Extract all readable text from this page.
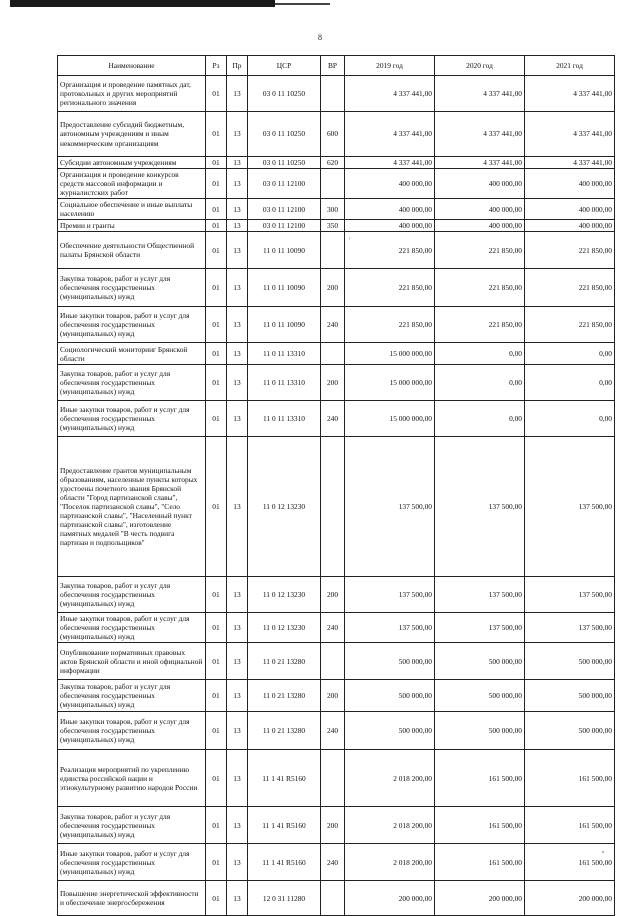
8
'
Наименование	Рз	Пр	ЦСР	ВР	2019 год	2020 год	2021 год
Организация и проведение памятных дат, протокольных и других мероприятий регионального значения	01	13	03 0 11 10250		4 337 441,00	4 337 441,00	4 337 441,00
Предоставление субсидий бюджетным, автономным учреждениям и иным некоммерческим организациям	01	13	03 0 11 10250	600	4 337 441,00	4 337 441,00	4 337 441,00
Субсидии автономным учреждениям	01	13	03 0 11 10250	620	4 337 441,00	4 337 441,00	4 337 441,00
Организация и проведение конкурсов средств массовой информации и журналистских работ	01	13	03 0 11 12100		400 000,00	400 000,00	400 000,00
Социальное обеспечение и иные выплаты населению	01	13	03 0 11 12100	300	400 000,00	400 000,00	400 000,00
Премии и гранты	01	13	03 0 11 12100	350	400 000,00	400 000,00	400 000,00
Обеспечение деятельности Общественной палаты Брянской области	01	13	11 0 11 10090		221 850,00	221 850,00	221 850,00
Закупка товаров, работ и услуг для обеспечения государственных (муниципальных) нужд	01	13	11 0 11 10090	200	221 850,00	221 850,00	221 850,00
Иные закупки товаров, работ и услуг для обеспечения государственных (муниципальных) нужд	01	13	11 0 11 10090	240	221 850,00	221 850,00	221 850,00
Социологический мониторинг Брянской области	01	13	11 0 11 13310		15 000 000,00	0,00	0,00
Закупка товаров, работ и услуг для обеспечения государственных (муниципальных) нужд	01	13	11 0 11 13310	200	15 000 000,00	0,00	0,00
Иные закупки товаров, работ и услуг для обеспечения государственных (муниципальных) нужд	01	13	11 0 11 13310	240	15 000 000,00	0,00	0,00
Предоставление грантов муниципальным образованиям, населенные пункты которых удостоены почетного звания Брянской области "Город партизанской славы", "Поселок партизанской славы", "Село партизанской славы", "Населенный пункт партизанской славы", изготовление памятных медалей "В честь подвига партизан и подпольщиков"	01	13	11 0 12 13230		137 500,00	137 500,00	137 500,00
Закупка товаров, работ и услуг для обеспечения государственных (муниципальных) нужд	01	13	11 0 12 13230	200	137 500,00	137 500,00	137 500,00
Иные закупки товаров, работ и услуг для обеспечения государственных (муниципальных) нужд	01	13	11 0 12 13230	240	137 500,00	137 500,00	137 500,00
Опубликование нормативных правовых актов Брянской области и иной официальной информации	01	13	11 0 21 13280		500 000,00	500 000,00	500 000,00
Закупка товаров, работ и услуг для обеспечения государственных (муниципальных) нужд	01	13	11 0 21 13280	200	500 000,00	500 000,00	500 000,00
Иные закупки товаров, работ и услуг для обеспечения государственных (муниципальных) нужд	01	13	11 0 21 13280	240	500 000,00	500 000,00	500 000,00
Реализация мероприятий по укреплению единства российской нации и этнокультурному развитию народов России	01	13	11 1 41 R5160		2 018 200,00	161 500,00	161 500,00
Закупка товаров, работ и услуг для обеспечения государственных (муниципальных) нужд	01	13	11 1 41 R5160	200	2 018 200,00	161 500,00	161 500,00
Иные закупки товаров, работ и услуг для обеспечения государственных (муниципальных) нужд	01	13	11 1 41 R5160	240	2 018 200,00	161 500,00	161 500,00
Повышение энергетической эффективности и обеспечение энергосбережения	01	13	12 0 31 11280		200 000,00	200 000,00	200 000,00
